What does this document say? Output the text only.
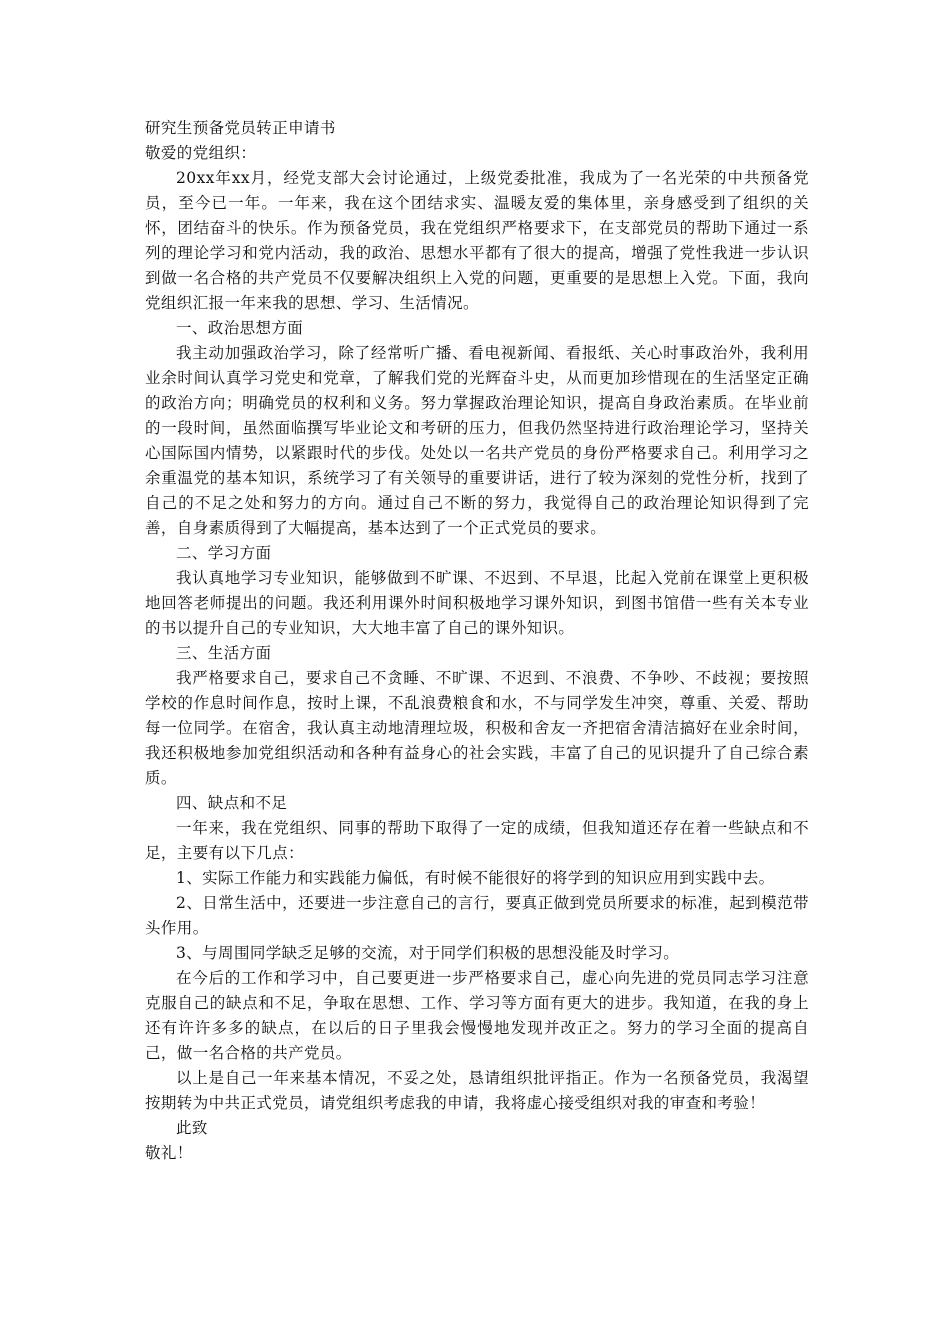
研究生预备党员转正申请书

敬爱的党组织：

20xx年xx月，经党支部大会讨论通过，上级党委批准，我成为了一名光荣的中共预备党员，至今已一年。一年来，我在这个团结求实、温暖友爱的集体里，亲身感受到了组织的关怀，团结奋斗的快乐。作为预备党员，我在党组织严格要求下，在支部党员的帮助下通过一系列的理论学习和党内活动，我的政治、思想水平都有了很大的提高，增强了党性我进一步认识到做一名合格的共产党员不仅要解决组织上入党的问题，更重要的是思想上入党。下面，我向党组织汇报一年来我的思想、学习、生活情况。

一、政治思想方面

我主动加强政治学习，除了经常听广播、看电视新闻、看报纸、关心时事政治外，我利用业余时间认真学习党史和党章，了解我们党的光辉奋斗史，从而更加珍惜现在的生活坚定正确的政治方向；明确党员的权利和义务。努力掌握政治理论知识，提高自身政治素质。在毕业前的一段时间，虽然面临撰写毕业论文和考研的压力，但我仍然坚持进行政治理论学习，坚持关心国际国内情势，以紧跟时代的步伐。处处以一名共产党员的身份严格要求自己。利用学习之余重温党的基本知识，系统学习了有关领导的重要讲话，进行了较为深刻的党性分析，找到了自己的不足之处和努力的方向。通过自己不断的努力，我觉得自己的政治理论知识得到了完善，自身素质得到了大幅提高，基本达到了一个正式党员的要求。

二、学习方面

我认真地学习专业知识，能够做到不旷课、不迟到、不早退，比起入党前在课堂上更积极地回答老师提出的问题。我还利用课外时间积极地学习课外知识，到图书馆借一些有关本专业的书以提升自己的专业知识，大大地丰富了自己的课外知识。

三、生活方面

我严格要求自己，要求自己不贪睡、不旷课、不迟到、不浪费、不争吵、不歧视；要按照学校的作息时间作息，按时上课，不乱浪费粮食和水，不与同学发生冲突，尊重、关爱、帮助每一位同学。在宿舍，我认真主动地清理垃圾，积极和舍友一齐把宿舍清洁搞好在业余时间，我还积极地参加党组织活动和各种有益身心的社会实践，丰富了自己的见识提升了自己综合素质。

四、缺点和不足

一年来，我在党组织、同事的帮助下取得了一定的成绩，但我知道还存在着一些缺点和不足，主要有以下几点：

1、实际工作能力和实践能力偏低，有时候不能很好的将学到的知识应用到实践中去。

2、日常生活中，还要进一步注意自己的言行，要真正做到党员所要求的标准，起到模范带头作用。

3、与周围同学缺乏足够的交流，对于同学们积极的思想没能及时学习。

在今后的工作和学习中，自己要更进一步严格要求自己，虚心向先进的党员同志学习注意克服自己的缺点和不足，争取在思想、工作、学习等方面有更大的进步。我知道，在我的身上还有许许多多的缺点，在以后的日子里我会慢慢地发现并改正之。努力的学习全面的提高自己，做一名合格的共产党员。

以上是自己一年来基本情况，不妥之处，恳请组织批评指正。作为一名预备党员，我渴望按期转为中共正式党员，请党组织考虑我的申请，我将虚心接受组织对我的审查和考验！

此致

敬礼！
